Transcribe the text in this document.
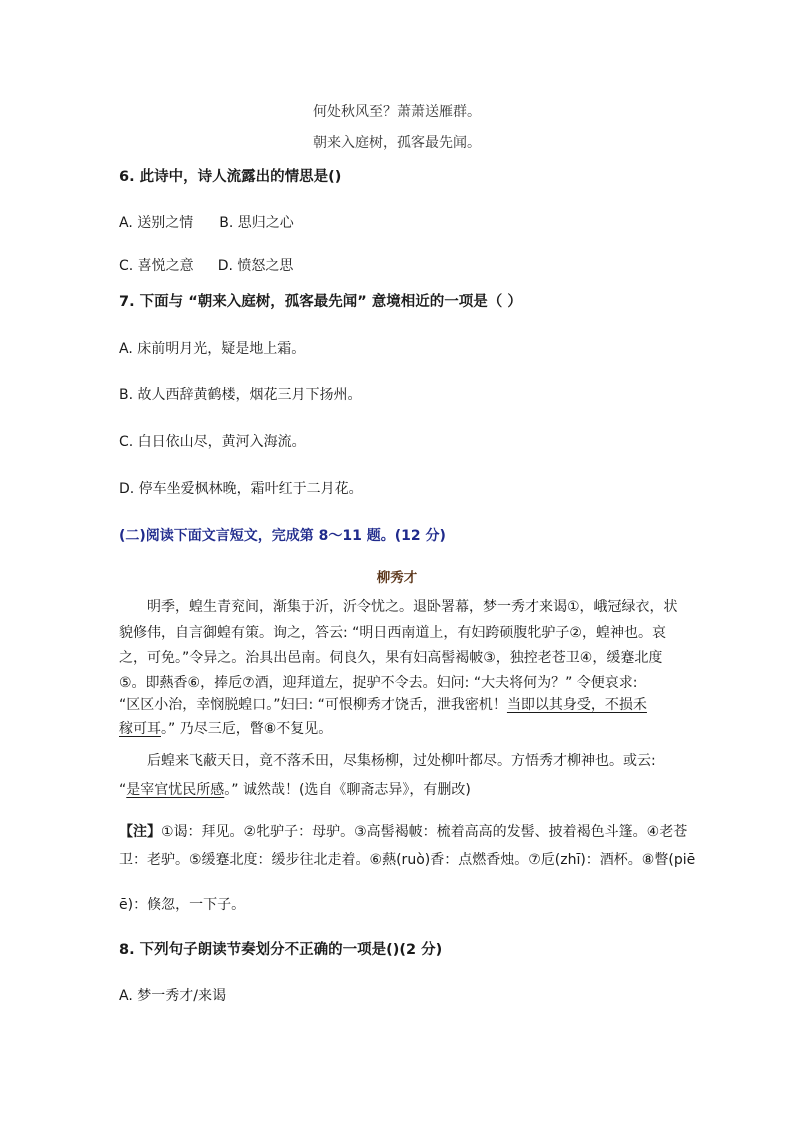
何处秋风至？萧萧送雁群。
朝来入庭树，孤客最先闻。
6. 此诗中，诗人流露出的情思是()
A. 送别之情 B. 思归之心
C. 喜悦之意 D. 愤怒之思
7. 下面与 “朝来入庭树，孤客最先闻” 意境相近的一项是（ ）
A. 床前明月光，疑是地上霜。
B. 故人西辞黄鹤楼，烟花三月下扬州。
C. 白日依山尽，黄河入海流。
D. 停车坐爱枫林晚，霜叶红于二月花。
(二)阅读下面文言短文，完成第 8～11 题。(12 分)
柳秀才
明季，蝗生青兖间，渐集于沂，沂令忧之。退卧署幕，梦一秀才来谒①，峨冠绿衣，状
貌修伟，自言御蝗有策。询之，答云: “明日西南道上，有妇跨硕腹牝驴子②，蝗神也。哀
之，可免。”令异之。治具出邑南。伺良久，果有妇高髻褐帔③，独控老苍卫④，缓蹇北度
⑤。即爇香⑥，捧卮⑦酒，迎拜道左，捉驴不令去。妇问: “大夫将何为？” 令便哀求:
“区区小治，幸悯脱蝗口。”妇曰: “可恨柳秀才饶舌，泄我密机！当即以其身受，不损禾
稼可耳。” 乃尽三卮，瞥⑧不复见。
后蝗来飞蔽天日，竟不落禾田，尽集杨柳，过处柳叶都尽。方悟秀才柳神也。或云:
“是宰官忧民所感。” 诚然哉！(选自《聊斋志异》，有删改)
【注】①谒：拜见。②牝驴子：母驴。③高髻褐帔：梳着高高的发髻、披着褐色斗篷。④老苍
卫：老驴。⑤缓蹇北度：缓步往北走着。⑥爇(ruò)香：点燃香烛。⑦卮(zhī)：酒杯。⑧瞥(piē
ē)：倏忽，一下子。
8. 下列句子朗读节奏划分不正确的一项是()(2 分)
A. 梦一秀才/来谒
